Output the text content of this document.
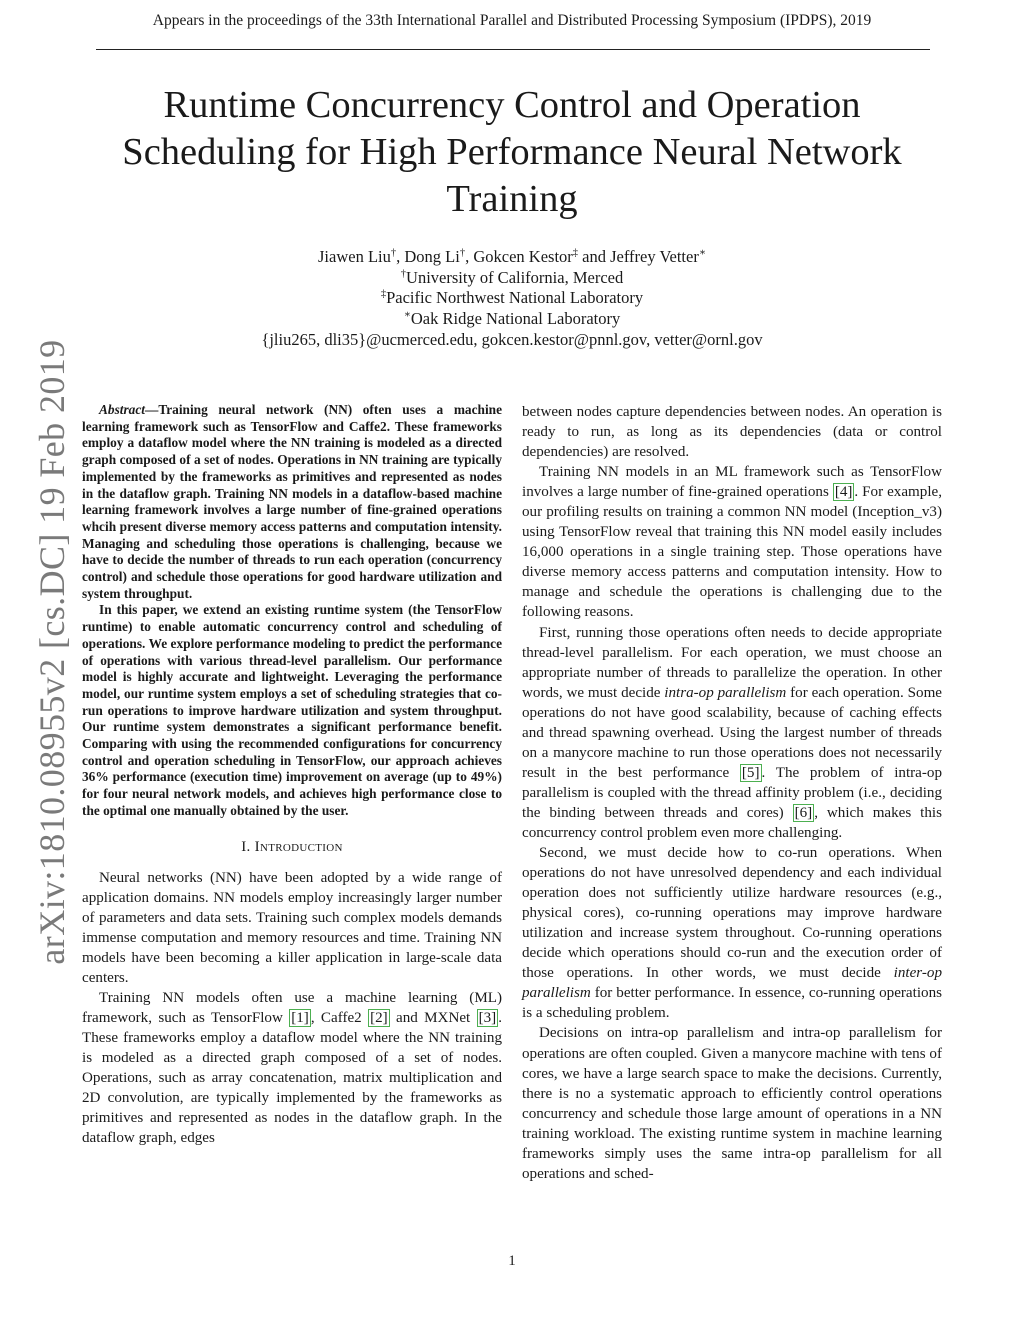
Appears in the proceedings of the 33th International Parallel and Distributed Processing Symposium (IPDPS), 2019
Runtime Concurrency Control and Operation
Scheduling for High Performance Neural Network
Training
Jiawen Liu†, Dong Li†, Gokcen Kestor‡ and Jeffrey Vetter∗
†University of California, Merced
‡Pacific Northwest National Laboratory
∗Oak Ridge National Laboratory
{jliu265, dli35}@ucmerced.edu, gokcen.kestor@pnnl.gov, vetter@ornl.gov
arXiv:1810.08955v2 [cs.DC] 19 Feb 2019	Abstract—Training neural network (NN) often uses a machine learning framework such as TensorFlow and Caffe2. These frameworks employ a dataflow model where the NN training is modeled as a directed graph composed of a set of nodes. Operations in NN training are typically implemented by the frameworks as primitives and represented as nodes in the dataflow graph. Training NN models in a dataflow-based machine learning framework involves a large number of fine-grained operations whcih present diverse memory access patterns and computation intensity. Managing and scheduling those operations is challenging, because we have to decide the number of threads to run each operation (concurrency control) and schedule those operations for good hardware utilization and system throughput.

In this paper, we extend an existing runtime system (the TensorFlow runtime) to enable automatic concurrency control and scheduling of operations. We explore performance modeling to predict the performance of operations with various thread-level parallelism. Our performance model is highly accurate and lightweight. Leveraging the performance model, our runtime system employs a set of scheduling strategies that co-run operations to improve hardware utilization and system throughput. Our runtime system demonstrates a significant performance benefit. Comparing with using the recommended configurations for concurrency control and operation scheduling in TensorFlow, our approach achieves 36% performance (execution time) improvement on average (up to 49%) for four neural network models, and achieves high performance close to the optimal one manually obtained by the user.

I. Introduction

Neural networks (NN) have been adopted by a wide range of application domains. NN models employ increasingly larger number of parameters and data sets. Training such complex models demands immense computation and memory resources and time. Training NN models have been becoming a killer application in large-scale data centers.

Training NN models often use a machine learning (ML) framework, such as TensorFlow [1] , Caffe2 [2] and MXNet [3] . These frameworks employ a dataflow model where the NN training is modeled as a directed graph composed of a set of nodes. Operations, such as array concatenation, matrix multiplication and 2D convolution, are typically implemented by the frameworks as primitives and represented as nodes in the dataflow graph. In the dataflow graph, edges

between nodes capture dependencies between nodes. An operation is ready to run, as long as its dependencies (data or control dependencies) are resolved.

Training NN models in an ML framework such as TensorFlow involves a large number of fine-grained operations [4] . For example, our profiling results on training a common NN model (Inception_v3) using TensorFlow reveal that training this NN model easily includes 16,000 operations in a single training step. Those operations have diverse memory access patterns and computation intensity. How to manage and schedule the operations is challenging due to the following reasons.

First, running those operations often needs to decide appropriate thread-level parallelism. For each operation, we must choose an appropriate number of threads to parallelize the operation. In other words, we must decide intra-op parallelism for each operation. Some operations do not have good scalability, because of caching effects and thread spawning overhead. Using the largest number of threads on a manycore machine to run those operations does not necessarily result in the best performance [5] . The problem of intra-op parallelism is coupled with the thread affinity problem (i.e., deciding the binding between threads and cores) [6] , which makes this concurrency control problem even more challenging.

Second, we must decide how to co-run operations. When operations do not have unresolved dependency and each individual operation does not sufficiently utilize hardware resources (e.g., physical cores), co-running operations may improve hardware utilization and increase system throughout. Co-running operations decide which operations should co-run and the execution order of those operations. In other words, we must decide inter-op parallelism for better performance. In essence, co-running operations is a scheduling problem.

Decisions on intra-op parallelism and intra-op parallelism for operations are often coupled. Given a manycore machine with tens of cores, we have a large search space to make the decisions. Currently, there is no a systematic approach to efficiently control operations concurrency and schedule those large amount of operations in a NN training workload. The existing runtime system in machine learning frameworks simply uses the same intra-op parallelism for all operations and sched-

1
